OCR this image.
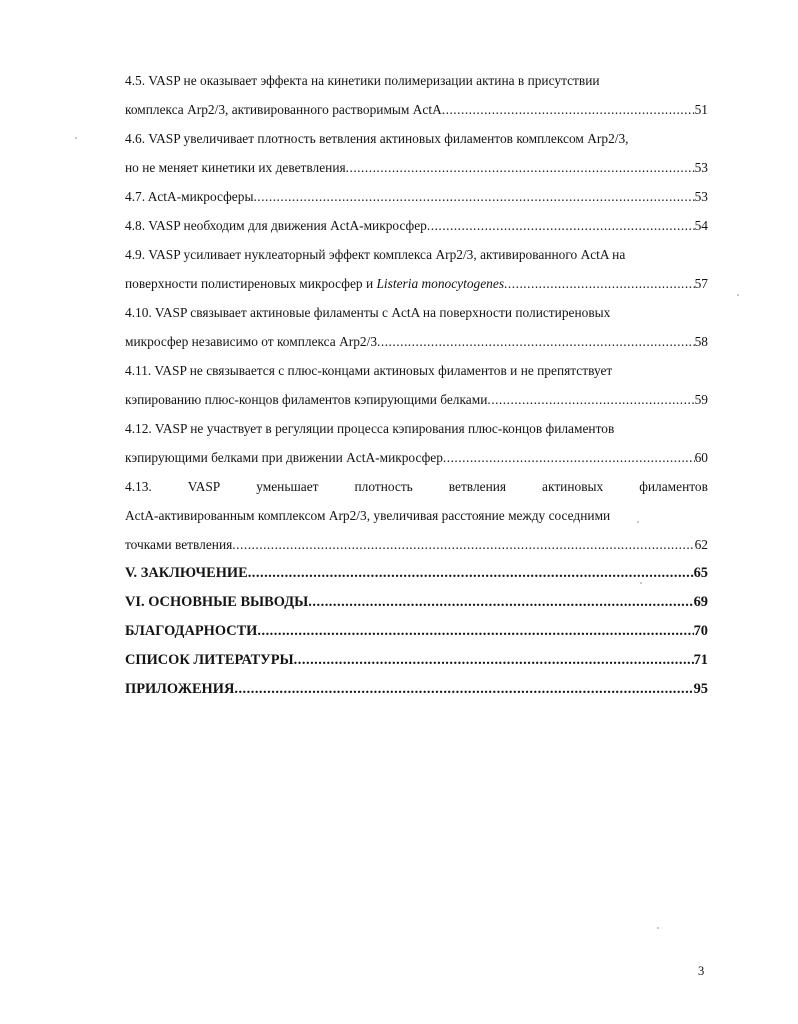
4.5. VASP не оказывает эффекта на кинетики полимеризации актина в присутствии
комплекса Arp2/3, активированного растворимым ActA .....	51
4.6. VASP увеличивает плотность ветвления актиновых филаментов комплексом Arp2/3,
но не меняет кинетики их деветвления .....	53
4.7. ActA-микросферы .....	53
4.8. VASP необходим для движения ActA-микросфер .....	54
4.9. VASP усиливает нуклеаторный эффект комплекса Arp2/3, активированного ActA на
поверхности полистиреновых микросфер и Listeria monocytogenes .....	57
4.10. VASP связывает актиновые филаменты с ActA на поверхности полистиреновых
микросфер независимо от комплекса Arp2/3 .....	58
4.11. VASP не связывается с плюс-концами актиновых филаментов и не препятствует
кэпированию плюс-концов филаментов кэпирующими белками .....	59
4.12. VASP не участвует в регуляции процесса кэпирования плюс-концов филаментов
кэпирующими белками при движении ActA-микросфер .....	60
4.13.	VASP	уменьшает	плотность	ветвления	актиновых	филаментов
ActA-активированным комплексом Arp2/3, увеличивая расстояние между соседними
точками ветвления .....	62
V. ЗАКЛЮЧЕНИЕ .....	65
VI. ОСНОВНЫЕ ВЫВОДЫ .....	69
БЛАГОДАРНОСТИ .....	70
СПИСОК ЛИТЕРАТУРЫ .....	71
ПРИЛОЖЕНИЯ .....	95
3
